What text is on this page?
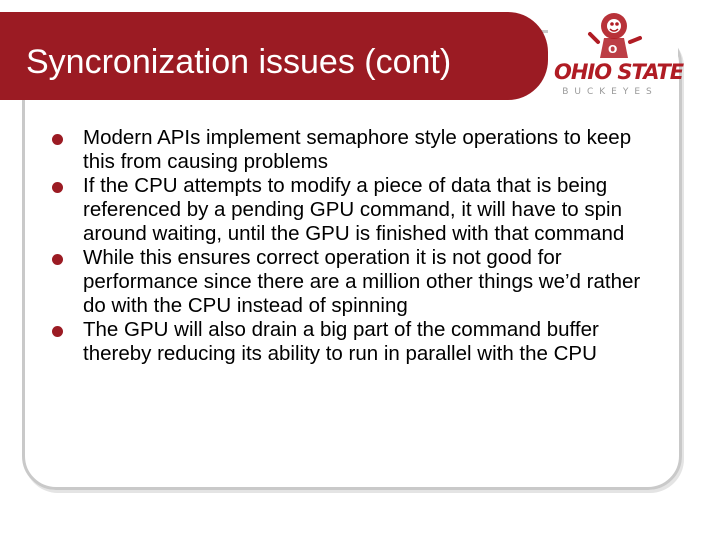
Syncronization issues (cont)	O
OHIO STATE
BUCKEYES
Modern APIs implement semaphore style operations to keep this from causing problems
If the CPU attempts to modify a piece of data that is being referenced by a pending GPU command, it will have to spin around waiting, until the GPU is finished with that command
While this ensures correct operation it is not good for performance since there are a million other things we’d rather do with the CPU instead of spinning
The GPU will also drain a big part of the command buffer thereby reducing its ability to run in parallel with the CPU
